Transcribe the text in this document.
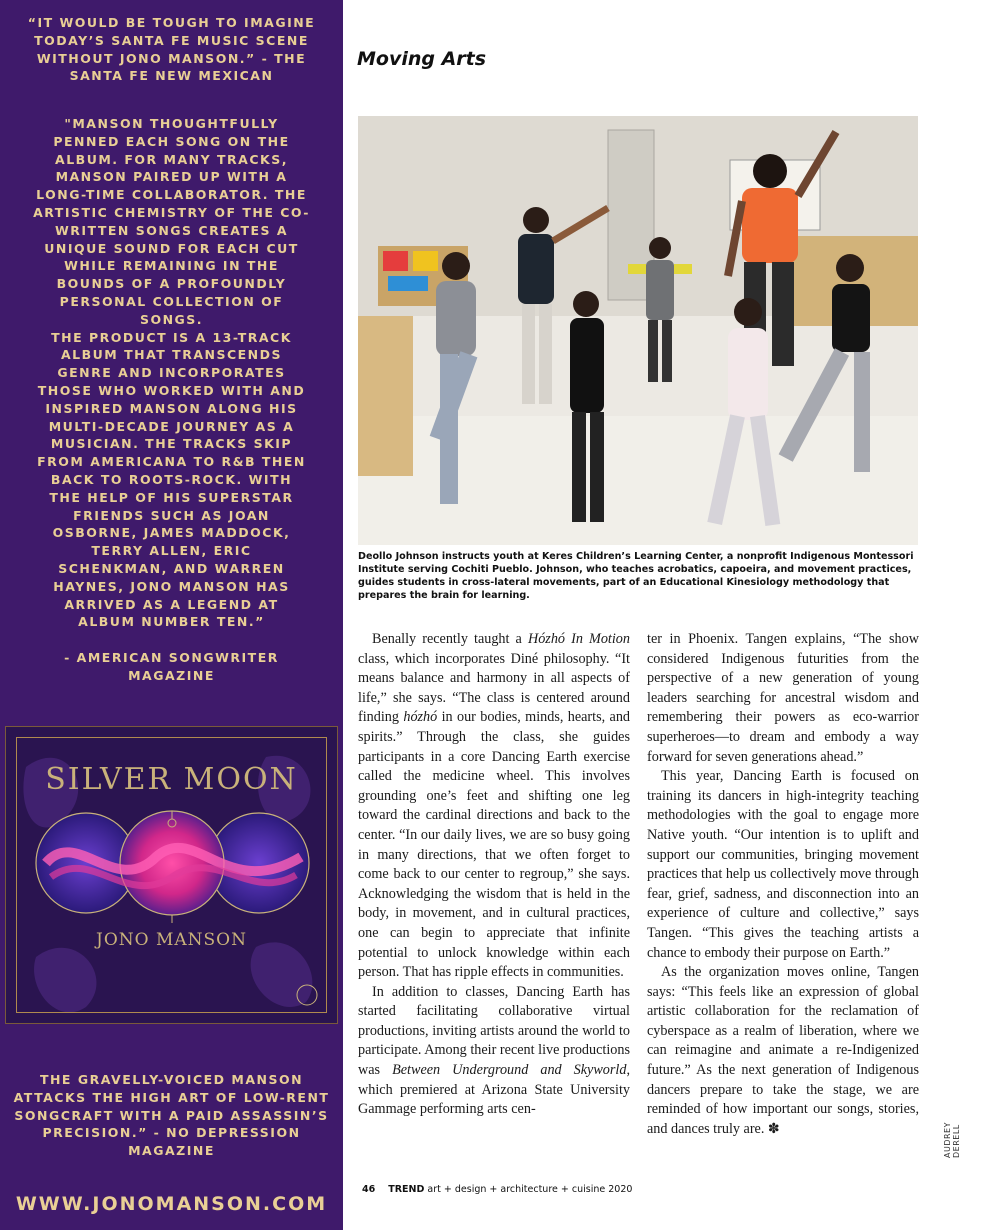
“IT WOULD BE TOUGH TO IMAGINE TODAY’S SANTA FE MUSIC SCENE WITHOUT JONO MANSON.” - THE SANTA FE NEW MEXICAN
"MANSON THOUGHTFULLY
PENNED EACH SONG ON THE
ALBUM. FOR MANY TRACKS,
MANSON PAIRED UP WITH A
LONG-TIME COLLABORATOR. THE
ARTISTIC CHEMISTRY OF THE CO-
WRITTEN SONGS CREATES A
UNIQUE SOUND FOR EACH CUT
WHILE REMAINING IN THE
BOUNDS OF A PROFOUNDLY
PERSONAL COLLECTION OF
SONGS.
THE PRODUCT IS A 13-TRACK
ALBUM THAT TRANSCENDS
GENRE AND INCORPORATES
THOSE WHO WORKED WITH AND
INSPIRED MANSON ALONG HIS
MULTI-DECADE JOURNEY AS A
MUSICIAN. THE TRACKS SKIP
FROM AMERICANA TO R&B THEN
BACK TO ROOTS-ROCK. WITH
THE HELP OF HIS SUPERSTAR
FRIENDS SUCH AS JOAN
OSBORNE, JAMES MADDOCK,
TERRY ALLEN, ERIC
SCHENKMAN, AND WARREN
HAYNES, JONO MANSON HAS
ARRIVED AS A LEGEND AT
ALBUM NUMBER TEN.”

- AMERICAN SONGWRITER
MAGAZINE
SILVER MOON
JONO MANSON
THE GRAVELLY-VOICED MANSON ATTACKS THE HIGH ART OF LOW-RENT SONGCRAFT WITH A PAID ASSASSIN’S PRECISION.” - NO DEPRESSION MAGAZINE
WWW.JONOMANSON.COM
Moving Arts
Deollo Johnson instructs youth at Keres Children’s Learning Center, a nonprofit Indigenous Montessori Institute serving Cochiti Pueblo. Johnson, who teaches acrobatics, capoeira, and movement practices, guides students in cross-lateral movements, part of an Educational Kinesiology methodology that prepares the brain for learning.

Benally recently taught a Hózhó In Motion class, which incorporates Diné philosophy. “It means balance and harmony in all aspects of life,” she says. “The class is centered around finding hózhó in our bodies, minds, hearts, and spirits.” Through the class, she guides participants in a core Dancing Earth exercise called the medicine wheel. This involves grounding one’s feet and shifting one leg toward the cardinal directions and back to the center. “In our daily lives, we are so busy going in many directions, that we often forget to come back to our center to regroup,” she says. Acknowledging the wisdom that is held in the body, in movement, and in cultural practices, one can begin to appreciate that infinite potential to unlock knowledge within each person. That has ripple effects in communities.

In addition to classes, Dancing Earth has started facilitating collaborative virtual productions, inviting artists around the world to participate. Among their recent live productions was Between Underground and Skyworld, which premiered at Arizona State University Gammage performing arts cen-

ter in Phoenix. Tangen explains, “The show considered Indigenous futurities from the perspective of a new generation of young leaders searching for ancestral wisdom and remembering their powers as eco-warrior superheroes—to dream and embody a way forward for seven generations ahead.”

This year, Dancing Earth is focused on training its dancers in high-integrity teaching methodologies with the goal to engage more Native youth. “Our intention is to uplift and support our communities, bringing movement practices that help us collectively move through fear, grief, sadness, and disconnection into an experience of culture and collective,” says Tangen. “This gives the teaching artists a chance to embody their purpose on Earth.”

As the organization moves online, Tangen says: “This feels like an expression of global artistic collaboration for the reclamation of cyberspace as a realm of liberation, where we can reimagine and animate a re-Indigenized future.” As the next generation of Indigenous dancers prepare to take the stage, we are reminded of how important our songs, stories, and dances truly are. ✽	AUDREY DERELL
46 TREND art + design + architecture + cuisine 2020
